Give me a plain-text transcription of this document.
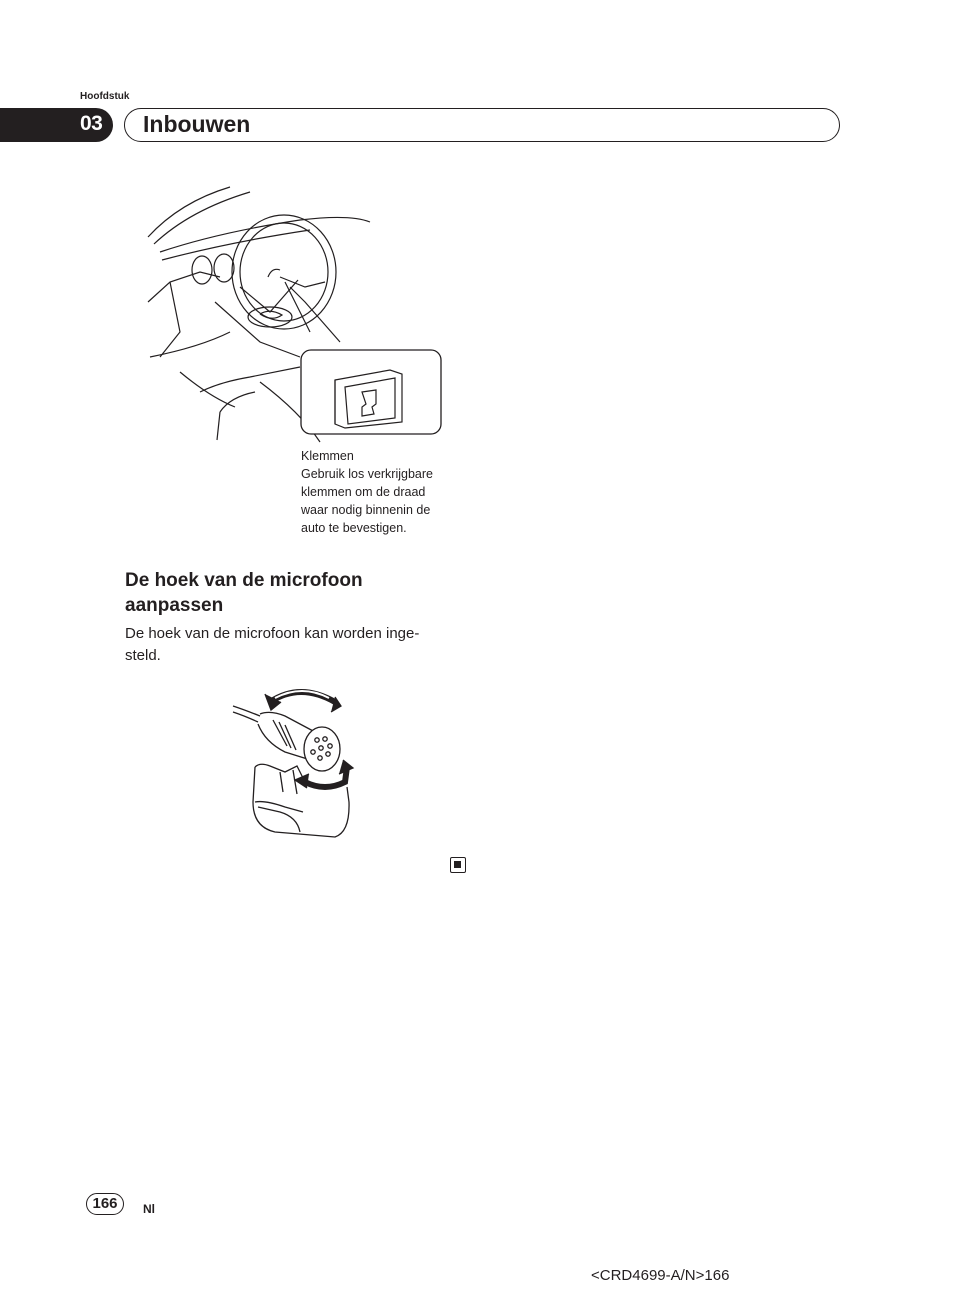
Hoofdstuk
03 Inbouwen
Klemmen
Gebruik los verkrijgbare
klemmen om de draad
waar nodig binnenin de
auto te bevestigen.
De hoek van de microfoon
aanpassen
De hoek van de microfoon kan worden inge-
steld.
166	Nl
<CRD4699-A/N>166
